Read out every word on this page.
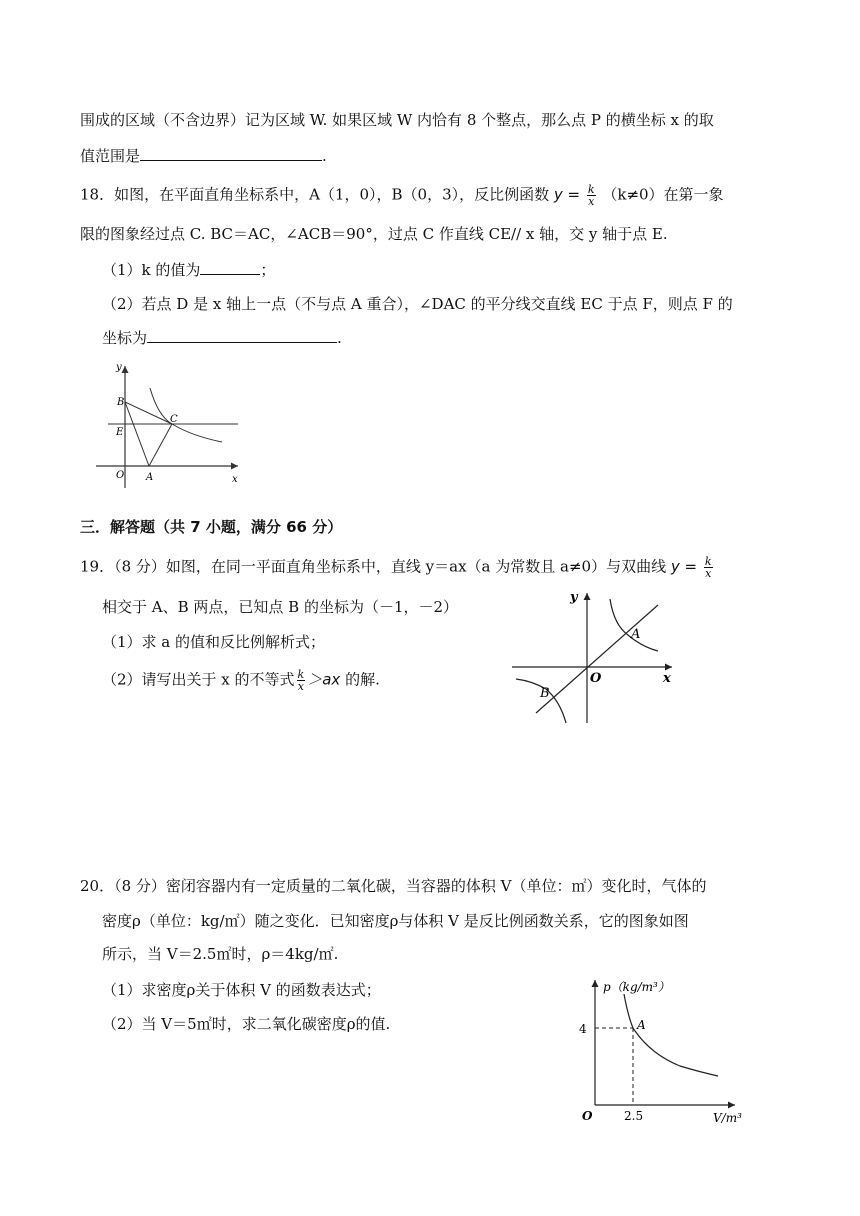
围成的区域（不含边界）记为区域 W. 如果区域 W 内恰有 8 个整点，那么点 P 的横坐标 x 的取
值范围是	.
18．如图，在平面直角坐标系中，A（1，0），B（0，3），反比例函数 $y = \frac{k}{x} (k\ne 0)$在第一象
限的图象经过点 C. BC＝AC，∠ACB＝90°，过点 C 作直线 CE// x 轴，交 y 轴于点 E.
（1）k 的值为	；
（2）若点 D 是 x 轴上一点（不与点 A 重合），∠DAC 的平分线交直线 EC 于点 F，则点 F 的
坐标为	.
y
B
C
E
O A	x
三．解答题（共 7 小题，满分 66 分）
19．（8 分）如图，在同一平面直角坐标系中，直线 y＝ax（a 为常数且 a≠0）与双曲线 $y = \frac{k}{x}$
相交于 A、B 两点，已知点 B 的坐标为（－1，－2）
（1）求 a 的值和反比例解析式；
（2）请写出关于 x 的不等式 $\frac{k}{x} >ax$ 的解.
y
A
O	x
B
20．（8 分）密闭容器内有一定质量的二氧化碳，当容器的体积 V（单位：㎡）变化时，气体的
密度ρ（单位：kg/㎡）随之变化．已知密度ρ与体积 V 是反比例函数关系，它的图象如图
所示，当 V＝2.5㎡时，ρ＝4kg/㎡.
（1）求密度ρ关于体积 V 的函数表达式；
（2）当 V＝5㎡时，求二氧化碳密度ρ的值.
p（kg/m³）
4	A
O	2.5	V/m³
